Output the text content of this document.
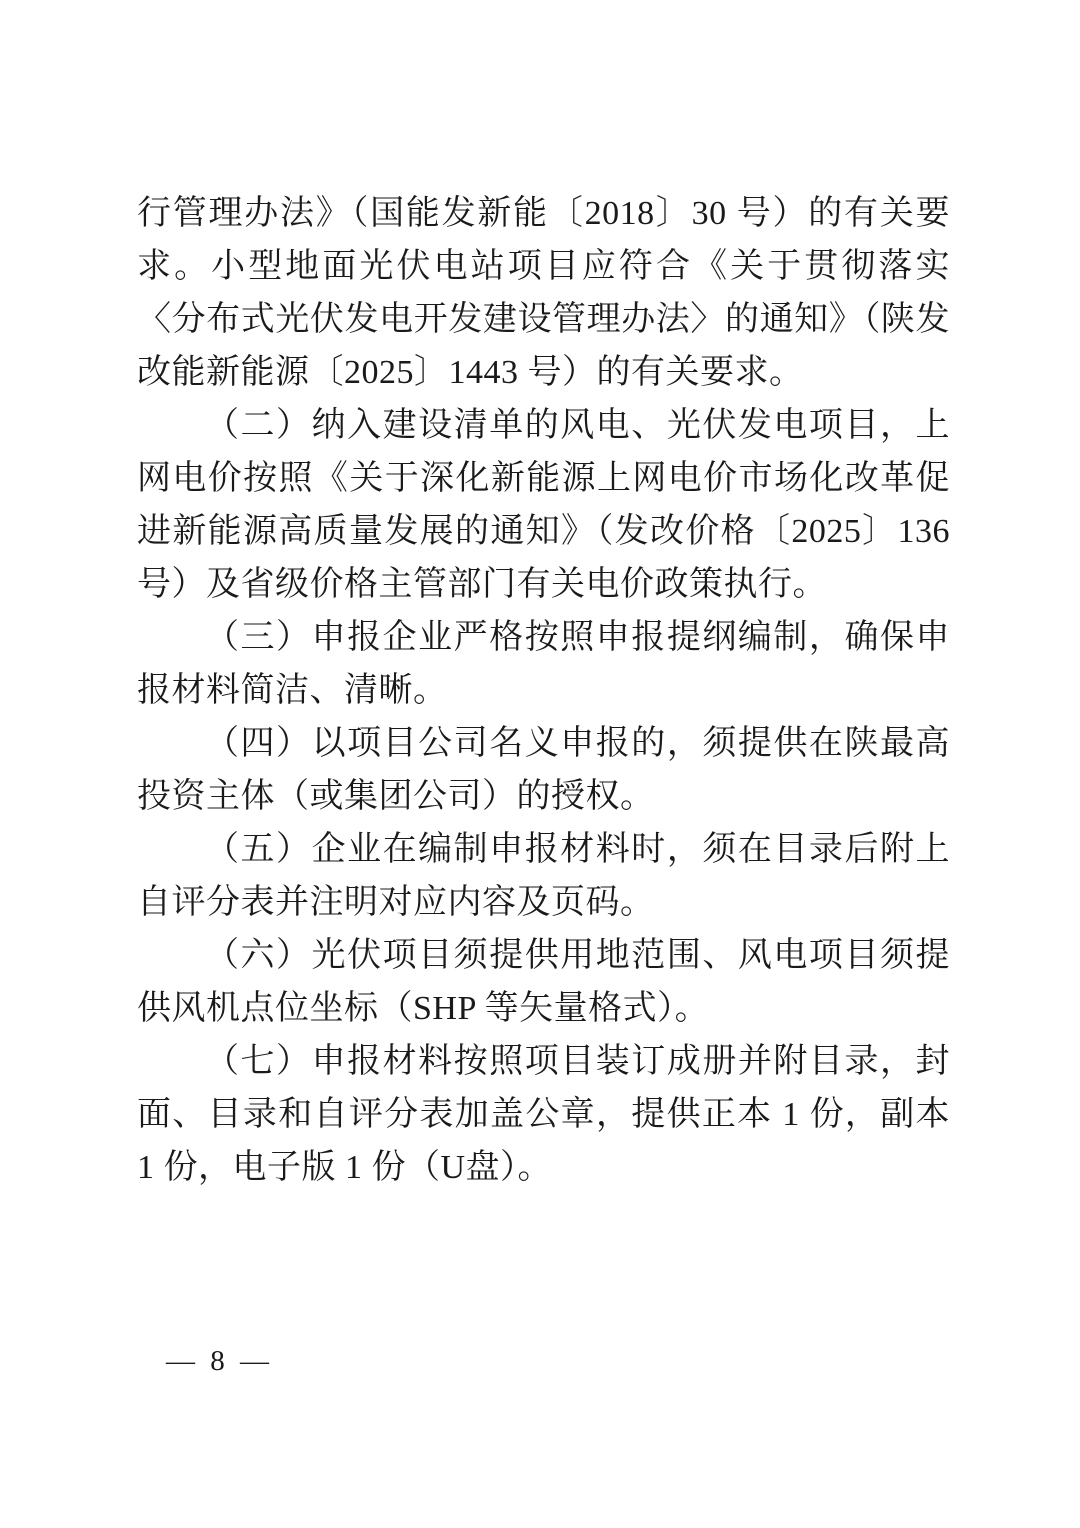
行管理办法》（国能发新能〔2018〕30 号）的有关要求。小型地面光伏电站项目应符合《关于贯彻落实〈分布式光伏发电开发建设管理办法〉的通知》（陕发改能新能源〔2025〕1443 号）的有关要求。

（二）纳入建设清单的风电、光伏发电项目，上网电价按照《关于深化新能源上网电价市场化改革促进新能源高质量发展的通知》（发改价格〔2025〕136 号）及省级价格主管部门有关电价政策执行。

（三）申报企业严格按照申报提纲编制，确保申报材料简洁、清晰。

（四）以项目公司名义申报的，须提供在陕最高投资主体（或集团公司）的授权。

（五）企业在编制申报材料时，须在目录后附上自评分表并注明对应内容及页码。

（六）光伏项目须提供用地范围、风电项目须提供风机点位坐标（SHP 等矢量格式）。

（七）申报材料按照项目装订成册并附目录，封面、目录和自评分表加盖公章，提供正本 1 份，副本 1 份，电子版 1 份（U盘）。

— 8 —
